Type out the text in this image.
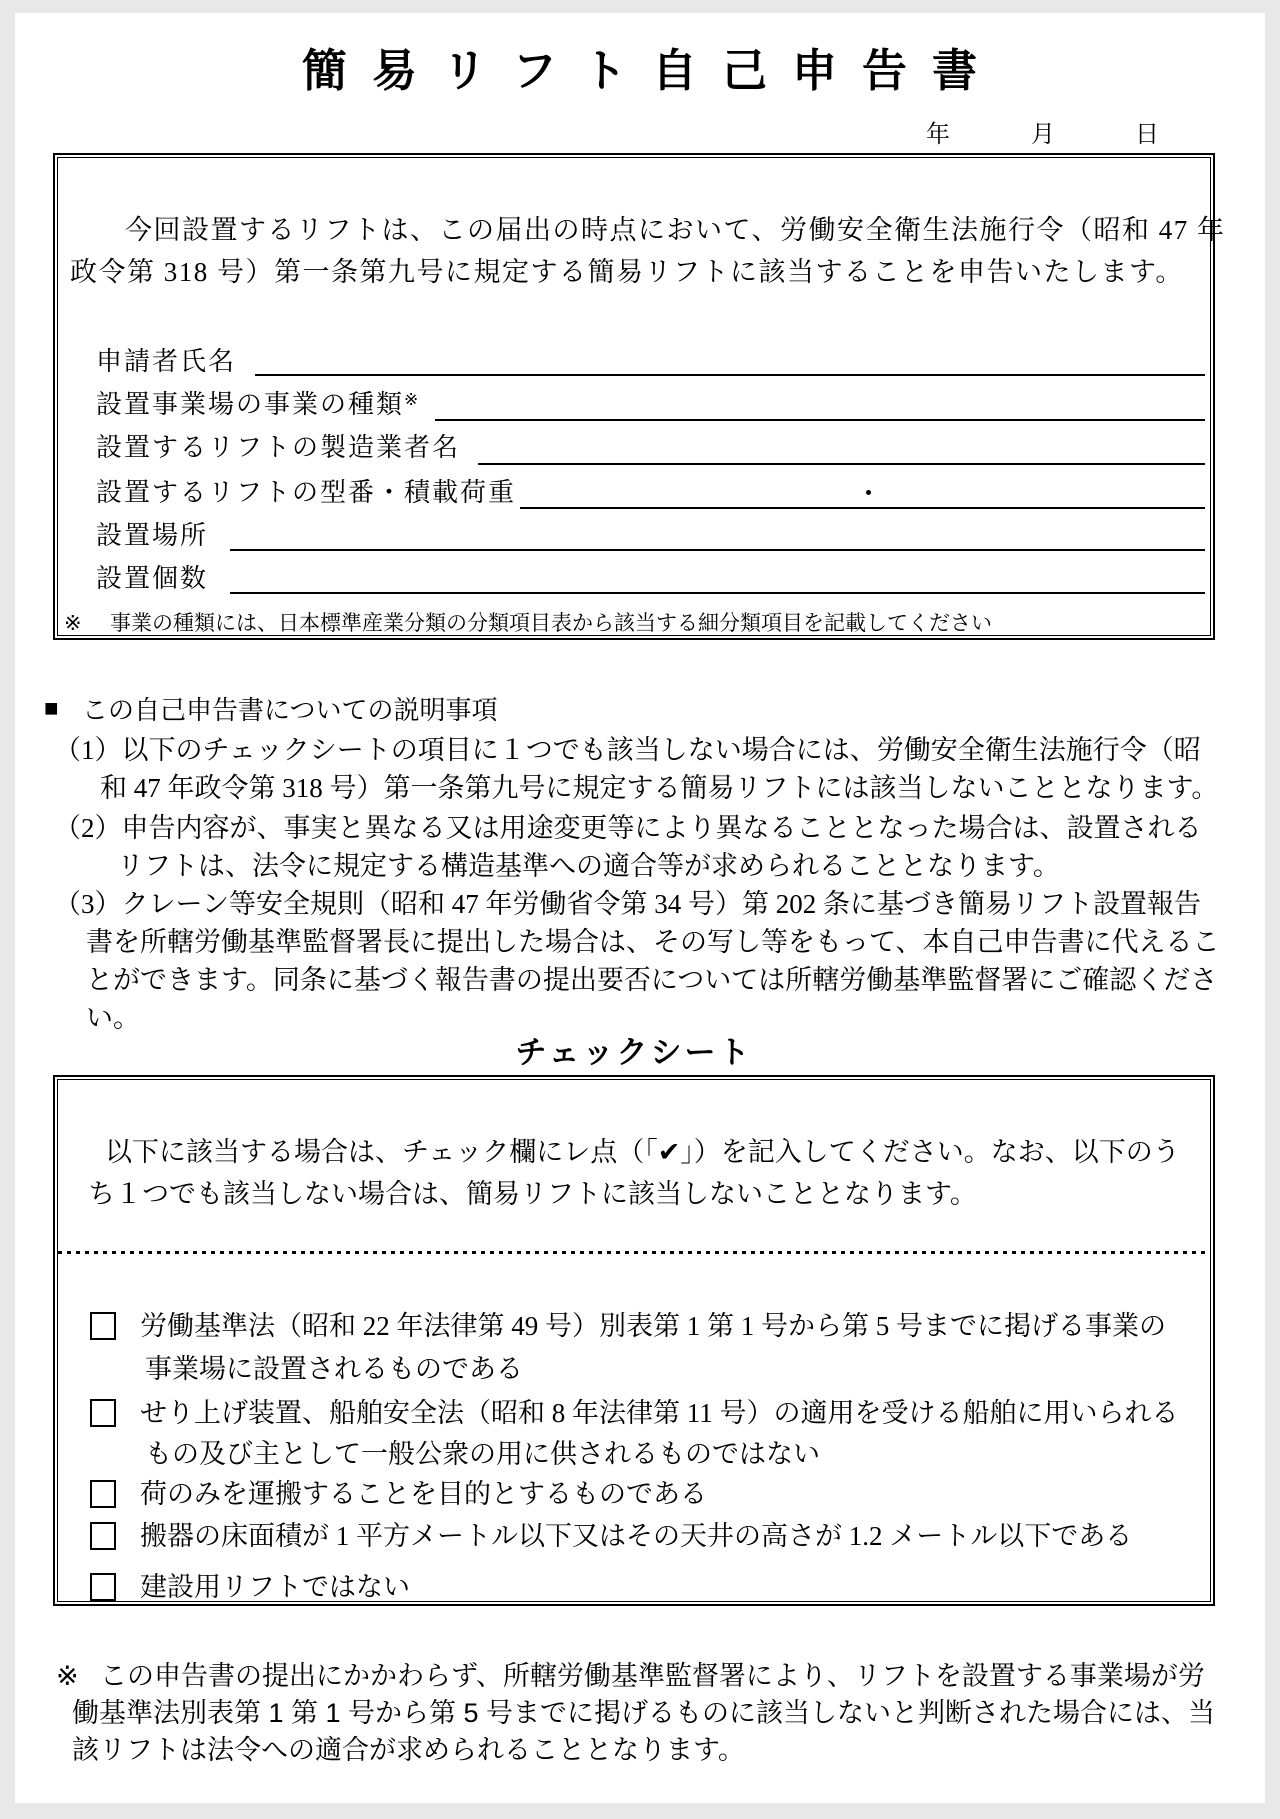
簡易リフト自己申告書
年	月	日
今回設置するリフトは、この届出の時点において、労働安全衛生法施行令（昭和 47 年
政令第 318 号）第一条第九号に規定する簡易リフトに該当することを申告いたします。
申請者氏名
設置事業場の事業の種類※
設置するリフトの製造業者名
設置するリフトの型番・積載荷重	・
設置場所
設置個数
※ 事業の種類には、日本標準産業分類の分類項目表から該当する細分類項目を記載してください
■ この自己申告書についての説明事項
（1）以下のチェックシートの項目に１つでも該当しない場合には、労働安全衛生法施行令（昭
和 47 年政令第 318 号）第一条第九号に規定する簡易リフトには該当しないこととなります。
（2）申告内容が、事実と異なる又は用途変更等により異なることとなった場合は、設置される
リフトは、法令に規定する構造基準への適合等が求められることとなります。
（3）クレーン等安全規則（昭和 47 年労働省令第 34 号）第 202 条に基づき簡易リフト設置報告
書を所轄労働基準監督署長に提出した場合は、その写し等をもって、本自己申告書に代えるこ
とができます。同条に基づく報告書の提出要否については所轄労働基準監督署にご確認くださ
い。
チェックシート
以下に該当する場合は、チェック欄にレ点（「✔」）を記入してください。なお、以下のう
ち１つでも該当しない場合は、簡易リフトに該当しないこととなります。
労働基準法（昭和 22 年法律第 49 号）別表第 1 第 1 号から第 5 号までに掲げる事業の
事業場に設置されるものである
せり上げ装置、船舶安全法（昭和 8 年法律第 11 号）の適用を受ける船舶に用いられる
もの及び主として一般公衆の用に供されるものではない
荷のみを運搬することを目的とするものである
搬器の床面積が 1 平方メートル以下又はその天井の高さが 1.2 メートル以下である
建設用リフトではない
※ この申告書の提出にかかわらず、所轄労働基準監督署により、リフトを設置する事業場が労
働基準法別表第 1 第 1 号から第 5 号までに掲げるものに該当しないと判断された場合には、当
該リフトは法令への適合が求められることとなります。
